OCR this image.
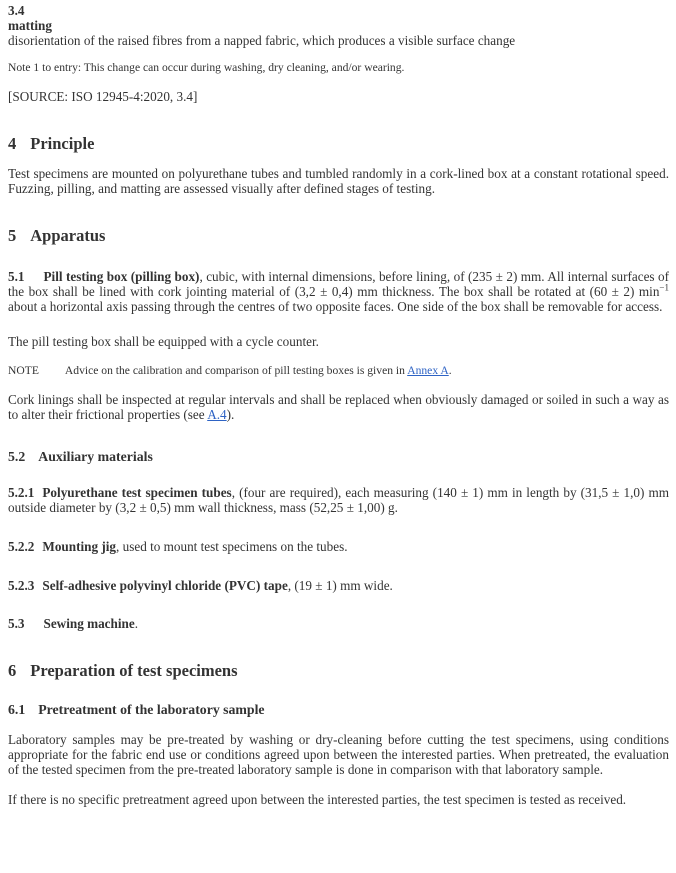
3.4
matting

disorientation of the raised fibres from a napped fabric, which produces a visible surface change

Note 1 to entry: This change can occur during washing, dry cleaning, and/or wearing.

[SOURCE: ISO 12945-4:2020, 3.4]

4 Principle

Test specimens are mounted on polyurethane tubes and tumbled randomly in a cork-lined box at a constant rotational speed. Fuzzing, pilling, and matting are assessed visually after defined stages of testing.

5 Apparatus

5.1 Pill testing box (pilling box), cubic, with internal dimensions, before lining, of (235 ± 2) mm. All internal surfaces of the box shall be lined with cork jointing material of (3,2 ± 0,4) mm thickness. The box shall be rotated at (60 ± 2) $\min^{-1}$ about a horizontal axis passing through the centres of two opposite faces. One side of the box shall be removable for access.

The pill testing box shall be equipped with a cycle counter.

NOTE Advice on the calibration and comparison of pill testing boxes is given in Annex A.

Cork linings shall be inspected at regular intervals and shall be replaced when obviously damaged or soiled in such a way as to alter their frictional properties (see A.4).

5.2 Auxiliary materials

5.2.1 Polyurethane test specimen tubes, (four are required), each measuring (140 ± 1) mm in length by (31,5 ± 1,0) mm outside diameter by (3,2 ± 0,5) mm wall thickness, mass (52,25 ± 1,00) g.

5.2.2 Mounting jig, used to mount test specimens on the tubes.

5.2.3 Self-adhesive polyvinyl chloride (PVC) tape, (19 ± 1) mm wide.

5.3 Sewing machine.

6 Preparation of test specimens
6.1 Pretreatment of the laboratory sample

Laboratory samples may be pre-treated by washing or dry-cleaning before cutting the test specimens, using conditions appropriate for the fabric end use or conditions agreed upon between the interested parties. When pretreated, the evaluation of the tested specimen from the pre-treated laboratory sample is done in comparison with that laboratory sample.

If there is no specific pretreatment agreed upon between the interested parties, the test specimen is tested as received.
